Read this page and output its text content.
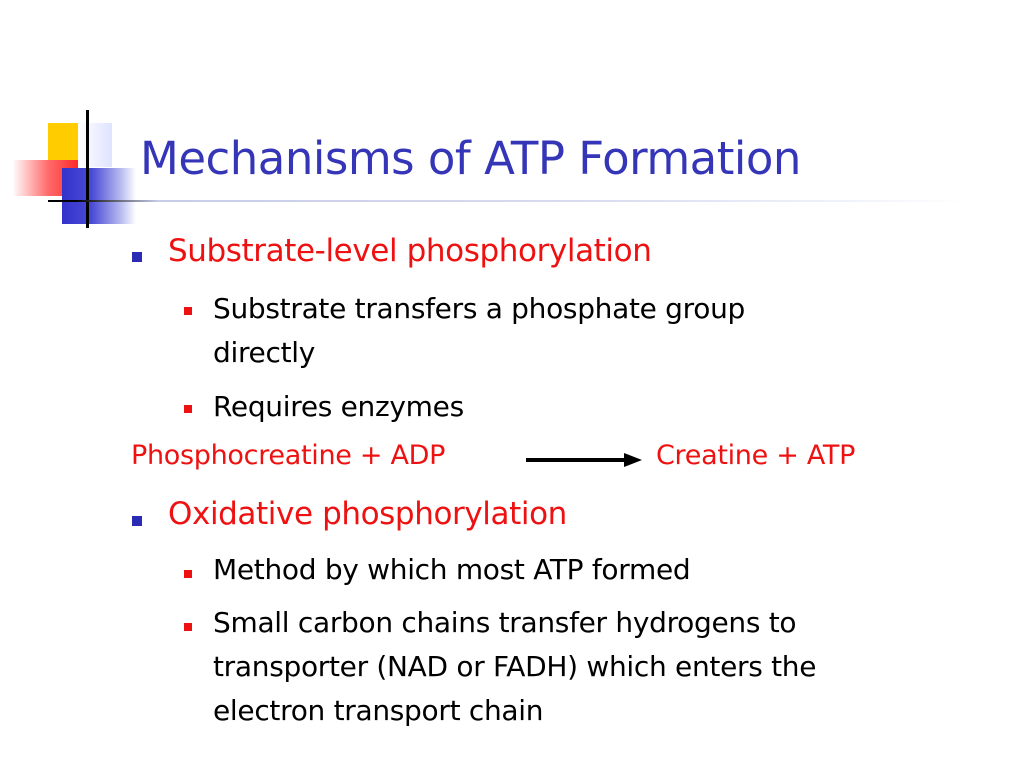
Mechanisms of ATP Formation
Substrate-level phosphorylation
Substrate transfers a phosphate group
directly
Requires enzymes
Phosphocreatine + ADP	Creatine + ATP
Oxidative phosphorylation
Method by which most ATP formed
Small carbon chains transfer hydrogens to
transporter (NAD or FADH) which enters the
electron transport chain
